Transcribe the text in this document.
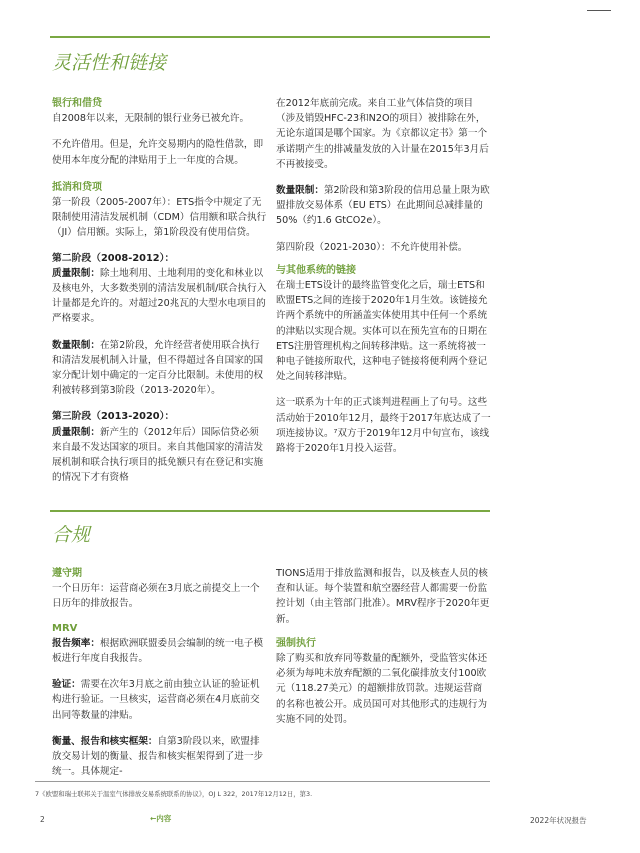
灵活性和链接
银行和借贷

自2008年以来，无限制的银行业务已被允许。

不允许借用。但是，允许交易期内的隐性借款，即使用本年度分配的津贴用于上一年度的合规。

抵消和贷项

第一阶段（2005-2007年）：ETS指令中规定了无限制使用清洁发展机制（CDM）信用额和联合执行（JI）信用额。实际上，第1阶段没有使用信贷。

第二阶段（2008-2012）：

质量限制：除土地利用、土地利用的变化和林业以及核电外，大多数类别的清洁发展机制/联合执行入计量都是允许的。对超过20兆瓦的大型水电项目的严格要求。

数量限制：在第2阶段，允许经营者使用联合执行和清洁发展机制入计量，但不得超过各自国家的国家分配计划中确定的一定百分比限制。未使用的权利被转移到第3阶段（2013-2020年）。

第三阶段（2013-2020）：

质量限制：新产生的（2012年后）国际信贷必须来自最不发达国家的项目。来自其他国家的清洁发展机制和联合执行项目的抵免额只有在登记和实施的情况下才有资格

在2012年底前完成。来自工业气体信贷的项目（涉及销毁HFC-23和N2O的项目）被排除在外，无论东道国是哪个国家。为《京都议定书》第一个承诺期产生的排减量发放的入计量在2015年3月后不再被接受。

数量限制：第2阶段和第3阶段的信用总量上限为欧盟排放交易体系（EU ETS）在此期间总减排量的50%（约1.6 GtCO2e）。

第四阶段（2021-2030）：不允许使用补偿。

与其他系统的链接

在瑞士ETS设计的最终监管变化之后，瑞士ETS和欧盟ETS之间的连接于2020年1月生效。该链接允许两个系统中的所涵盖实体使用其中任何一个系统的津贴以实现合规。实体可以在预先宣布的日期在ETS注册管理机构之间转移津贴。这一系统将被一种电子链接所取代，这种电子链接将便利两个登记处之间转移津贴。

这一联系为十年的正式谈判进程画上了句号。这些活动始于2010年12月，最终于2017年底达成了一项连接协议。⁷双方于2019年12月中旬宣布，该线路将于2020年1月投入运营。

合规
遵守期

一个日历年：运营商必须在3月底之前提交上一个日历年的排放报告。

MRV

报告频率：根据欧洲联盟委员会编制的统一电子模板进行年度自我报告。

验证：需要在次年3月底之前由独立认证的验证机构进行验证。一旦核实，运营商必须在4月底前交出同等数量的津贴。

衡量、报告和核实框架：自第3阶段以来，欧盟排放交易计划的衡量、报告和核实框架得到了进一步统一。具体规定-

TIONS适用于排放监测和报告，以及核查人员的核查和认证。每个装置和航空器经营人都需要一份监控计划（由主管部门批准）。MRV程序于2020年更新。

强制执行

除了购买和放弃同等数量的配额外，受监管实体还必须为每吨未放弃配额的二氧化碳排放支付100欧元（118.27美元）的超额排放罚款。违规运营商的名称也被公开。成员国可对其他形式的违规行为实施不同的处罚。

7《欧盟和瑞士联邦关于温室气体排放交易系统联系的协议》，OJ L 322，2017年12月12日，第3.
2	←内容	2022年状况报告
